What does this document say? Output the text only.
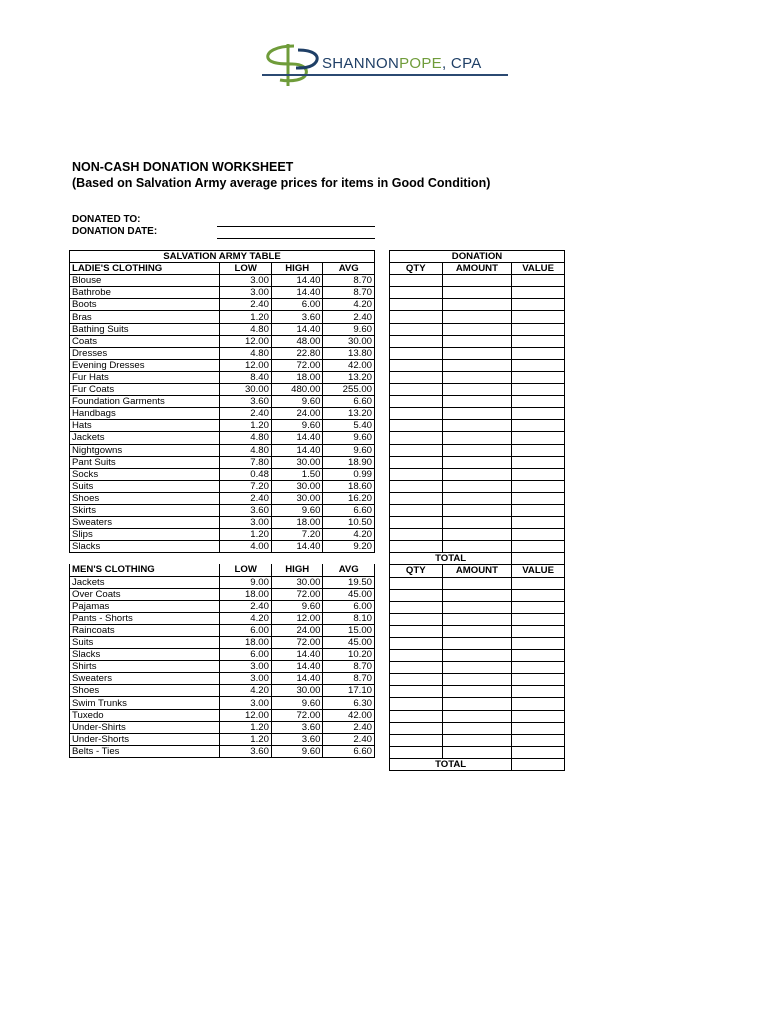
SHANNONPOPE, CPA
NON-CASH DONATION WORKSHEET
(Based on Salvation Army average prices for items in Good Condition)
DONATED TO:
DONATION DATE:
SALVATION ARMY TABLE			
LADIE'S CLOTHING	LOW	HIGH	AVG
Blouse	3.00	14.40	8.70
Bathrobe	3.00	14.40	8.70
Boots	2.40	6.00	4.20
Bras	1.20	3.60	2.40
Bathing Suits	4.80	14.40	9.60
Coats	12.00	48.00	30.00
Dresses	4.80	22.80	13.80
Evening Dresses	12.00	72.00	42.00
Fur Hats	8.40	18.00	13.20
Fur Coats	30.00	480.00	255.00
Foundation Garments	3.60	9.60	6.60
Handbags	2.40	24.00	13.20
Hats	1.20	9.60	5.40
Jackets	4.80	14.40	9.60
Nightgowns	4.80	14.40	9.60
Pant Suits	7.80	30.00	18.90
Socks	0.48	1.50	0.99
Suits	7.20	30.00	18.60
Shoes	2.40	30.00	16.20
Skirts	3.60	9.60	6.60
Sweaters	3.00	18.00	10.50
Slips	1.20	7.20	4.20
Slacks	4.00	14.40	9.20

MEN'S CLOTHING	LOW	HIGH	AVG
Jackets	9.00	30.00	19.50
Over Coats	18.00	72.00	45.00
Pajamas	2.40	9.60	6.00
Pants - Shorts	4.20	12.00	8.10
Raincoats	6.00	24.00	15.00
Suits	18.00	72.00	45.00
Slacks	6.00	14.40	10.20
Shirts	3.00	14.40	8.70
Sweaters	3.00	14.40	8.70
Shoes	4.20	30.00	17.10
Swim Trunks	3.00	9.60	6.30
Tuxedo	12.00	72.00	42.00
Under-Shirts	1.20	3.60	2.40
Under-Shorts	1.20	3.60	2.40
Belts - Ties	3.60	9.60	6.60
DONATION		
QTY	AMOUNT	VALUE

TOTAL		
QTY	AMOUNT	VALUE

TOTAL		
